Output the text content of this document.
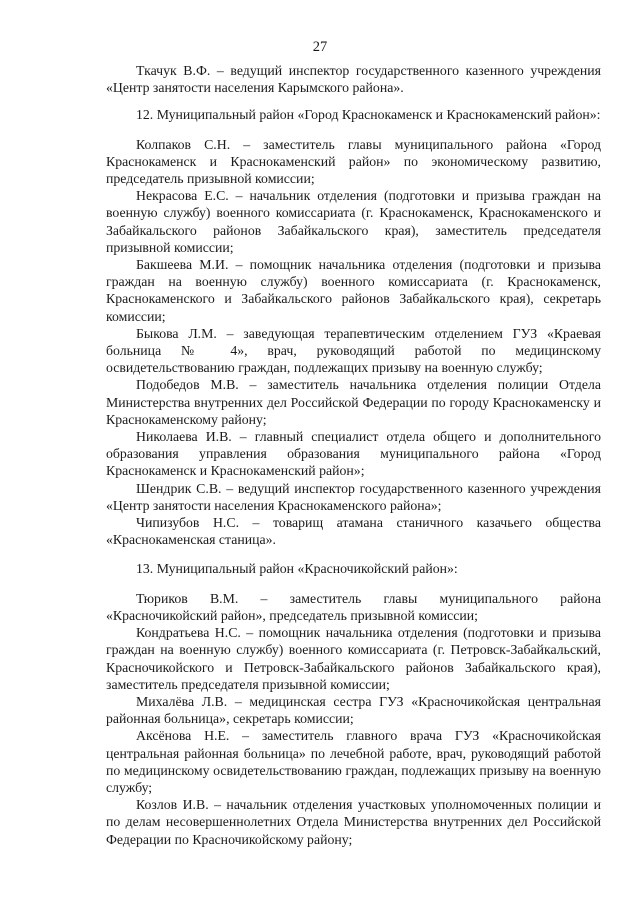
27

Ткачук В.Ф. – ведущий инспектор государственного казенного учреждения «Центр занятости населения Карымского района».

12. Муниципальный район «Город Краснокаменск и Краснокаменский район»:

Колпаков С.Н. – заместитель главы муниципального района «Город Краснокаменск и Краснокаменский район» по экономическому развитию, председатель призывной комиссии;

Некрасова Е.С. – начальник отделения (подготовки и призыва граждан на военную службу) военного комиссариата (г. Краснокаменск, Краснокаменского и Забайкальского районов Забайкальского края), заместитель председателя призывной комиссии;

Бакшеева М.И. – помощник начальника отделения (подготовки и призыва граждан на военную службу) военного комиссариата (г. Краснокаменск, Краснокаменского и Забайкальского районов Забайкальского края), секретарь комиссии;

Быкова Л.М. – заведующая терапевтическим отделением ГУЗ «Краевая больница № 4», врач, руководящий работой по медицинскому освидетельствованию граждан, подлежащих призыву на военную службу;

Подобедов М.В. – заместитель начальника отделения полиции Отдела Министерства внутренних дел Российской Федерации по городу Краснокаменску и Краснокаменскому району;

Николаева И.В. – главный специалист отдела общего и дополнительного образования управления образования муниципального района «Город Краснокаменск и Краснокаменский район»;

Шендрик С.В. – ведущий инспектор государственного казенного учреждения «Центр занятости населения Краснокаменского района»;

Чипизубов Н.С. – товарищ атамана станичного казачьего общества «Краснокаменская станица».

13. Муниципальный район «Красночикойский район»:

Тюриков В.М. – заместитель главы муниципального района «Красночикойский район», председатель призывной комиссии;

Кондратьева Н.С. – помощник начальника отделения (подготовки и призыва граждан на военную службу) военного комиссариата (г. Петровск-Забайкальский, Красночикойского и Петровск-Забайкальского районов Забайкальского края), заместитель председателя призывной комиссии;

Михалёва Л.В. – медицинская сестра ГУЗ «Красночикойская центральная районная больница», секретарь комиссии;

Аксёнова Н.Е. – заместитель главного врача ГУЗ «Красночикойская центральная районная больница» по лечебной работе, врач, руководящий работой по медицинскому освидетельствованию граждан, подлежащих призыву на военную службу;

Козлов И.В. – начальник отделения участковых уполномоченных полиции и по делам несовершеннолетних Отдела Министерства внутренних дел Российской Федерации по Красночикойскому району;
